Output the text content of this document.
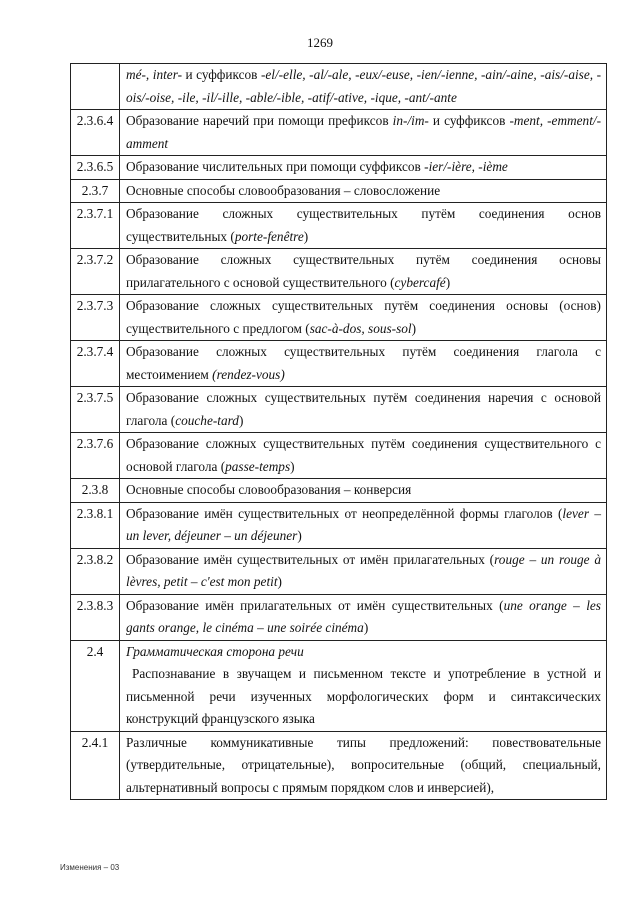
1269
	mé-, inter- и суффиксов -el/-elle, -al/-ale, -eux/-euse, -ien/-ienne, -ain/-aine, -ais/-aise, -ois/-oise, -ile, -il/-ille, -able/-ible, -atif/-ative, -ique, -ant/-ante
2.3.6.4	Образование наречий при помощи префиксов in-/im- и суффиксов -ment, -emment/-amment
2.3.6.5	Образование числительных при помощи суффиксов -ier/-ière, -ième
2.3.7	Основные способы словообразования – словосложение
2.3.7.1	Образование сложных существительных путём соединения основ существительных (porte-fenêtre)
2.3.7.2	Образование сложных существительных путём соединения основы прилагательного с основой существительного (cybercafé)
2.3.7.3	Образование сложных существительных путём соединения основы (основ) существительного с предлогом (sac-à-dos, sous-sol)
2.3.7.4	Образование сложных существительных путём соединения глагола с местоимением (rendez-vous)
2.3.7.5	Образование сложных существительных путём соединения наречия с основой глагола (couche-tard)
2.3.7.6	Образование сложных существительных путём соединения существительного с основой глагола (passe-temps)
2.3.8	Основные способы словообразования – конверсия
2.3.8.1	Образование имён существительных от неопределённой формы глаголов (lever – un lever, déjeuner – un déjeuner)
2.3.8.2	Образование имён существительных от имён прилагательных (rouge – un rouge à lèvres, petit – c'est mon petit)
2.3.8.3	Образование имён прилагательных от имён существительных (une orange – les gants orange, le cinéma – une soirée cinéma)
2.4	Грамматическая сторона речи

	Распознавание в звучащем и письменном тексте и употребление в устной и письменной речи изученных морфологических форм и синтаксических конструкций французского языка

2.4.1	Различные коммуникативные типы предложений: повествовательные (утвердительные, отрицательные), вопросительные (общий, специальный, альтернативный вопросы с прямым порядком слов и инверсией),
Изменения – 03
